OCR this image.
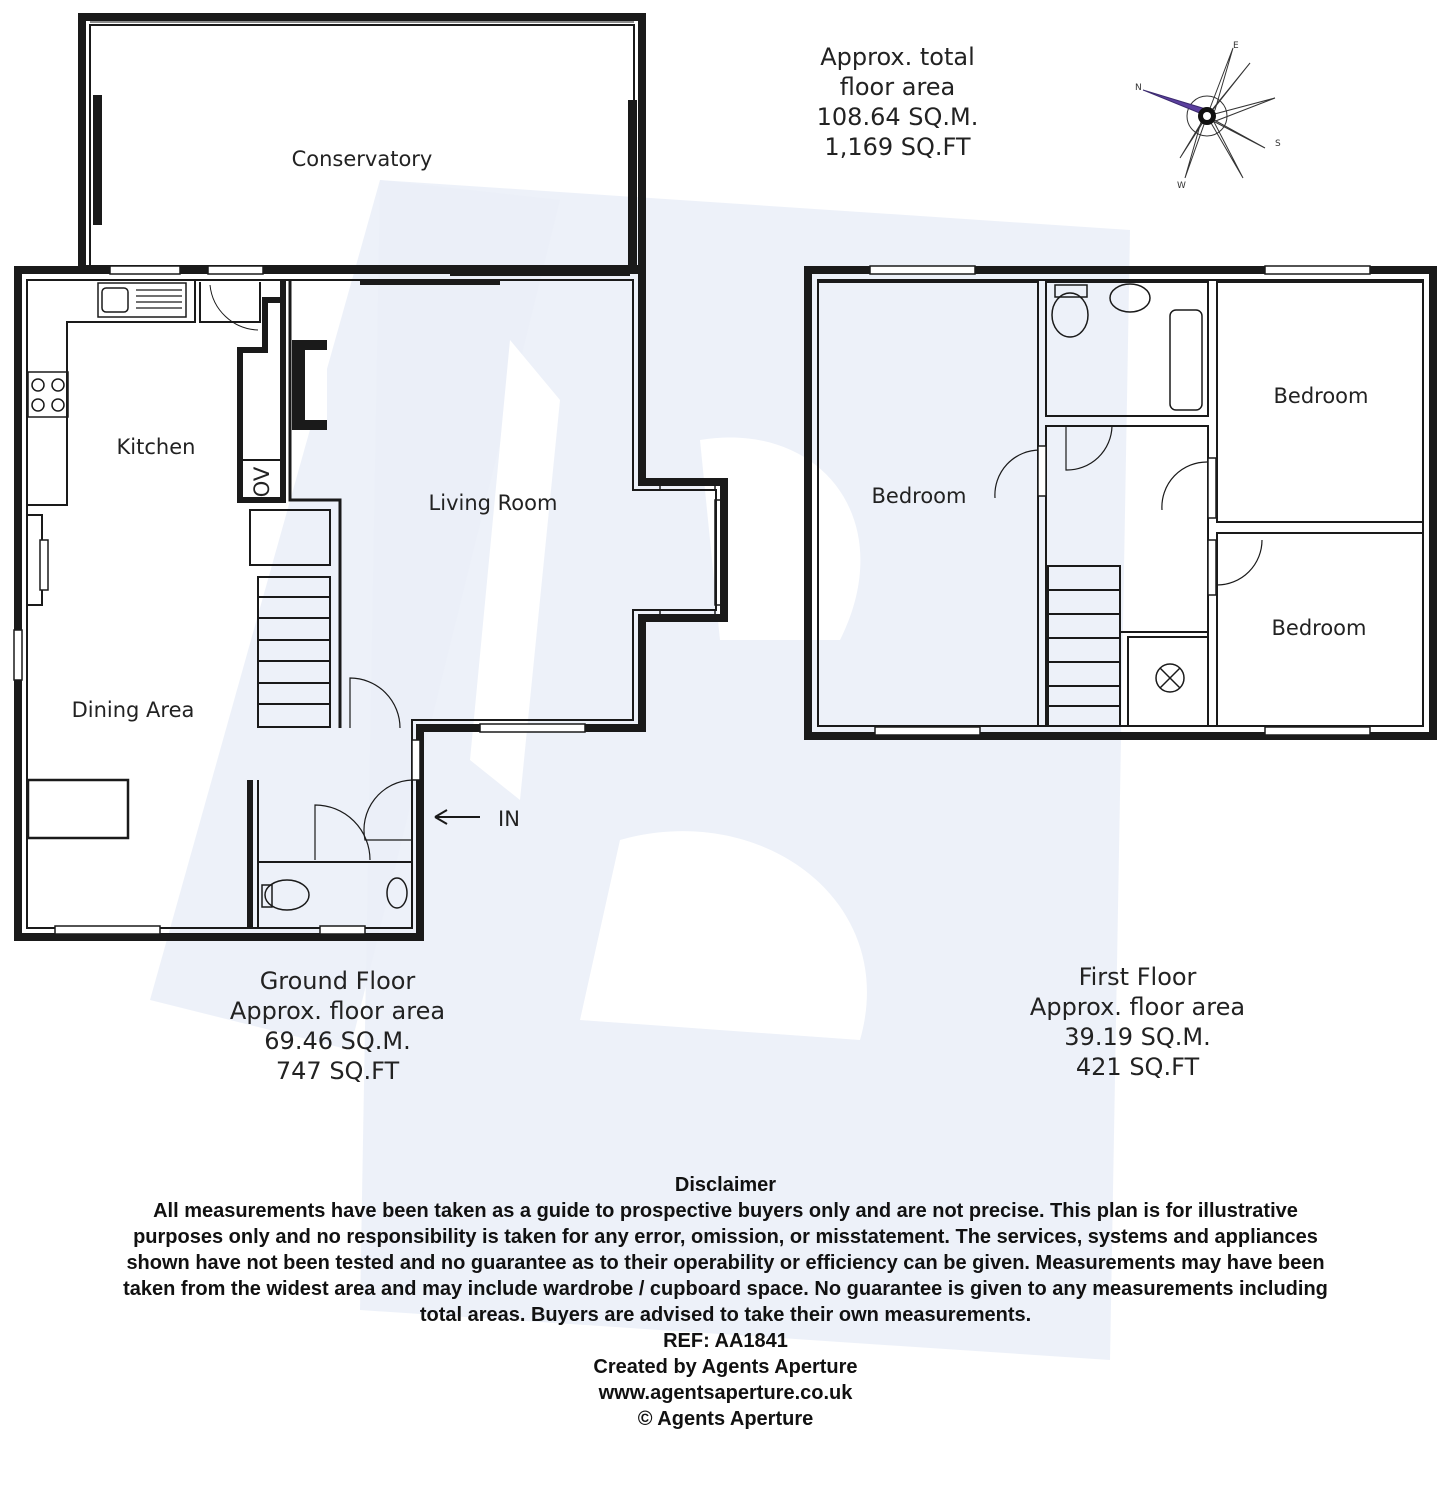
Conservatory
Kitchen
Living Room
Dining Area
OV
IN
Bedroom
Bedroom
Bedroom
N
E
S
W
Approx. total
floor area
108.64 SQ.M.
1,169 SQ.FT
Ground Floor
Approx. floor area
69.46 SQ.M.
747 SQ.FT
First Floor
Approx. floor area
39.19 SQ.M.
421 SQ.FT
Disclaimer
All measurements have been taken as a guide to prospective buyers only and are not precise. This plan is for illustrative purposes only and no responsibility is taken for any error, omission, or misstatement. The services, systems and appliances shown have not been tested and no guarantee as to their operability or efficiency can be given. Measurements may have been taken from the widest area and may include wardrobe / cupboard space. No guarantee is given to any measurements including total areas. Buyers are advised to take their own measurements.
REF: AA1841
Created by Agents Aperture
www.agentsaperture.co.uk
© Agents Aperture
